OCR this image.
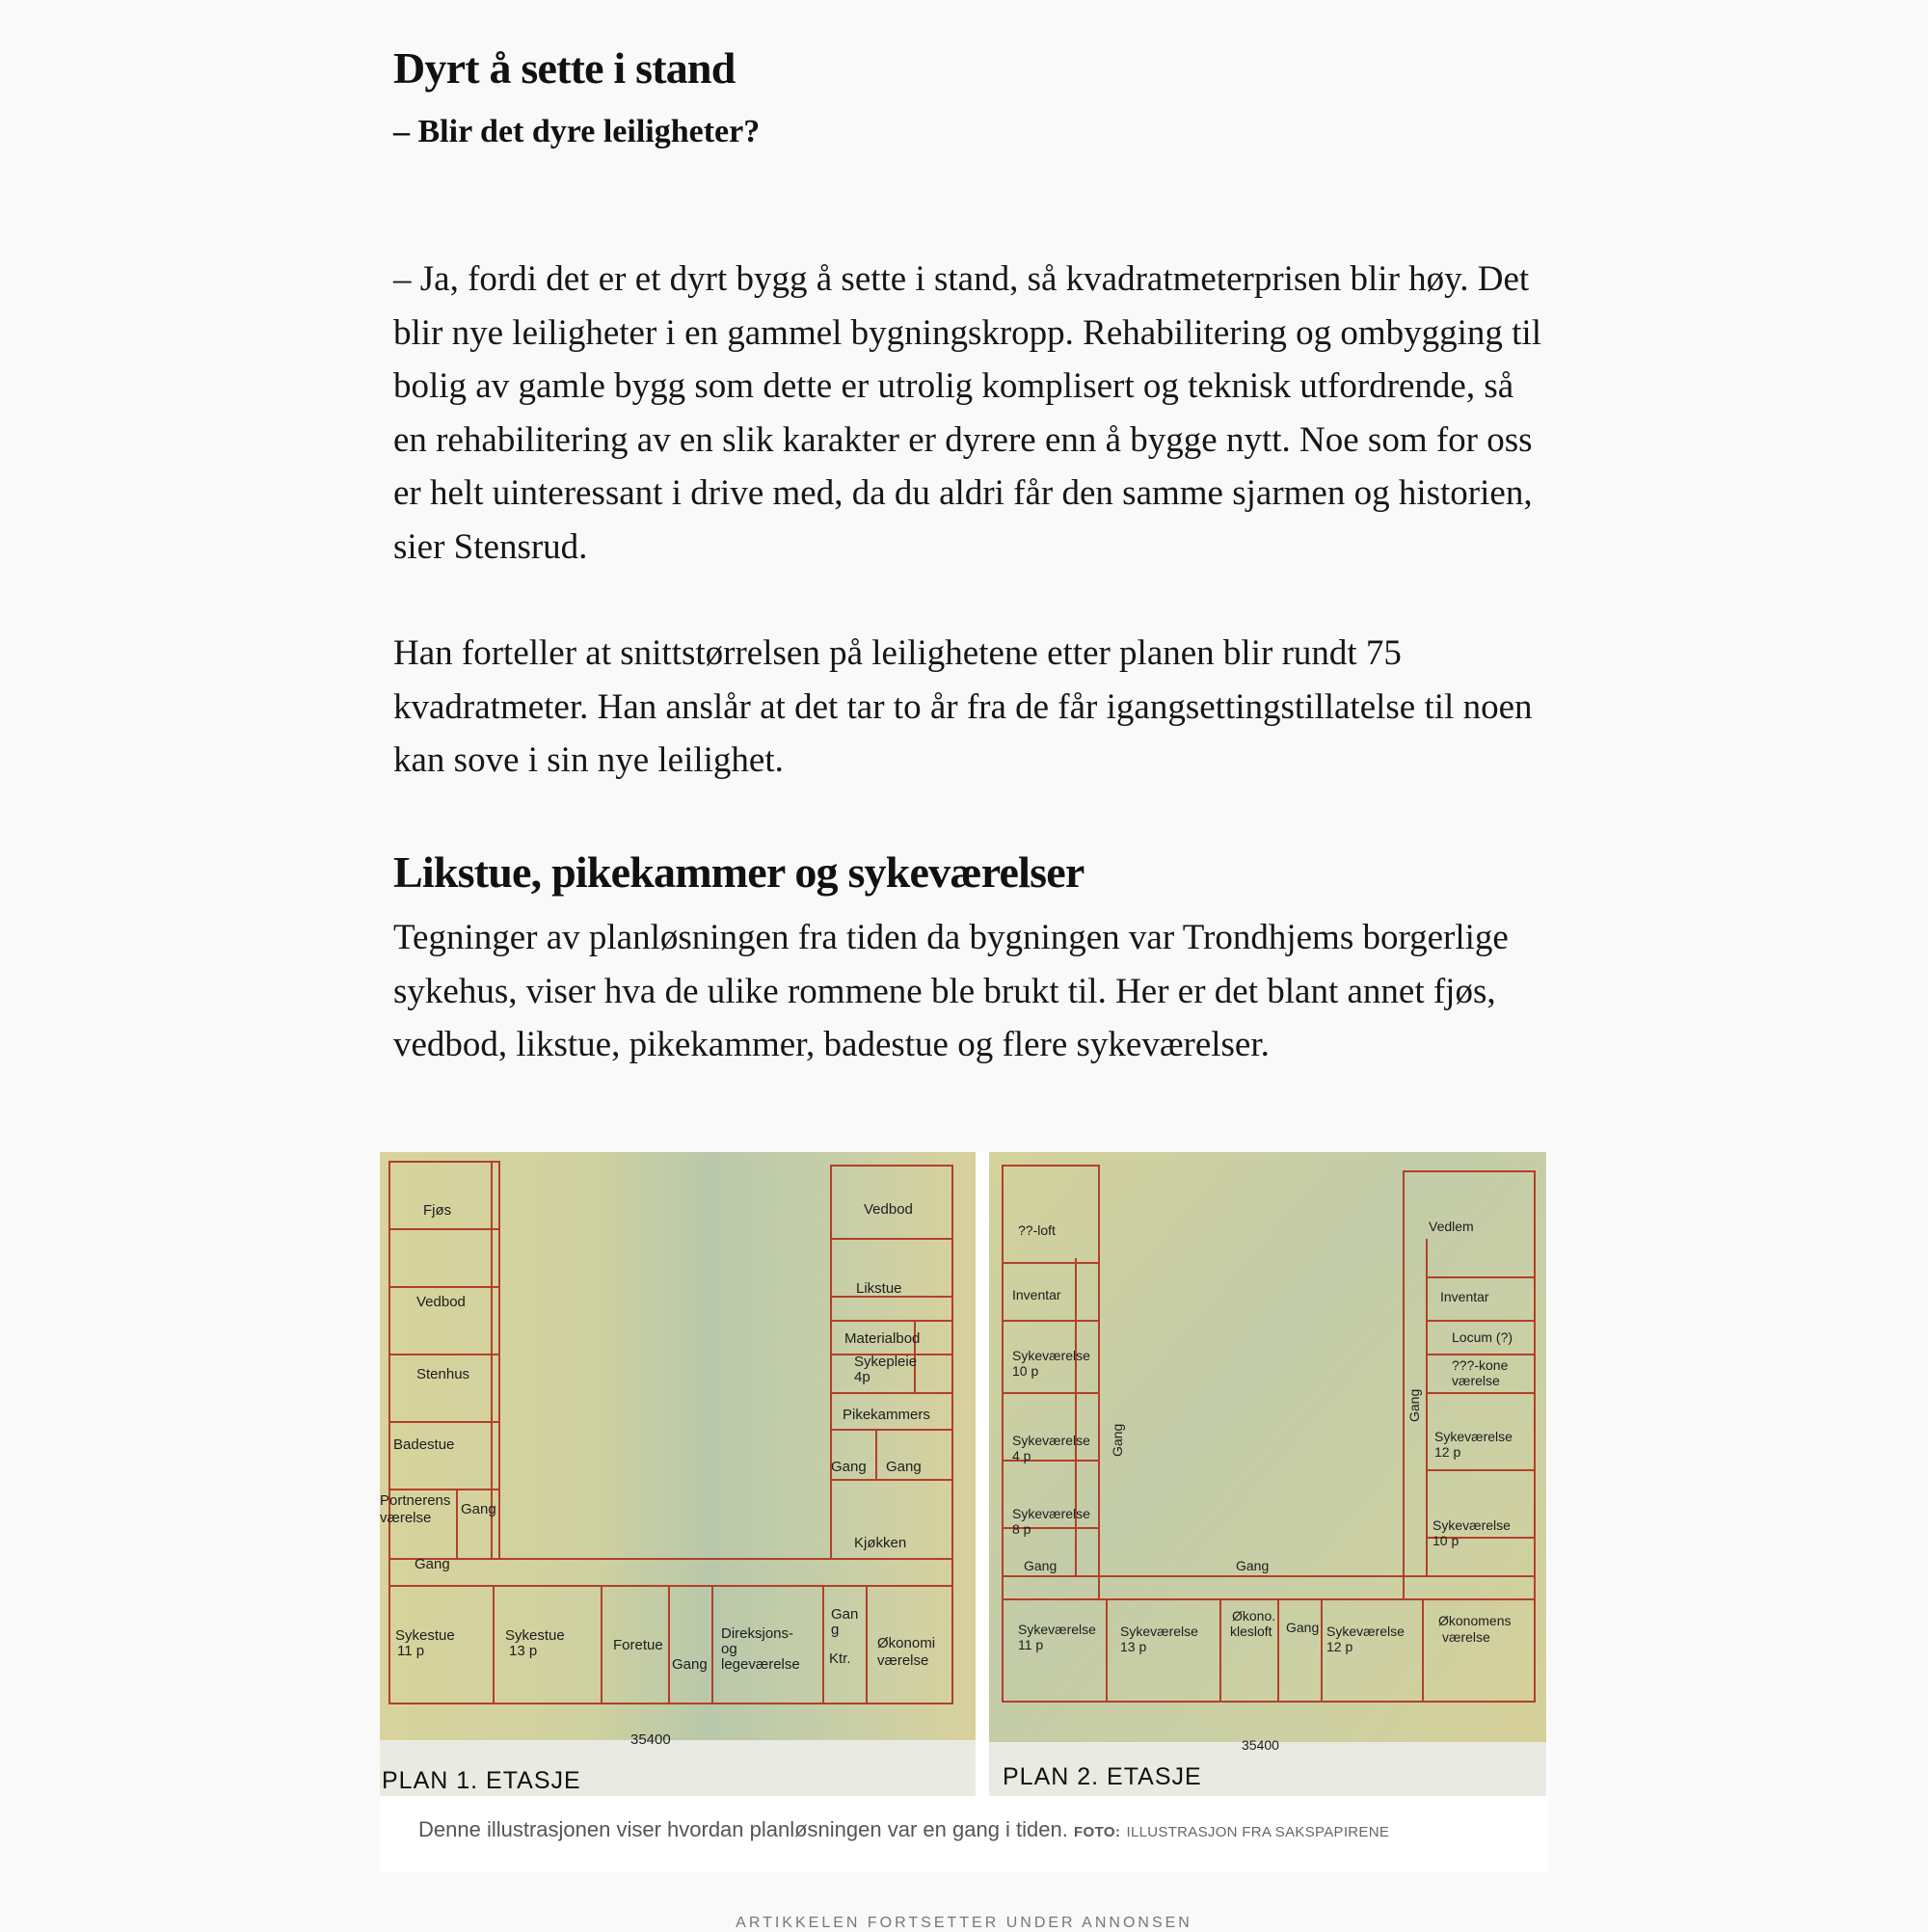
Dyrt å sette i stand

– Blir det dyre leiligheter?

– Ja, fordi det er et dyrt bygg å sette i stand, så kvadratmeterprisen blir høy. Det blir nye leiligheter i en gammel bygningskropp. Rehabilitering og ombygging til bolig av gamle bygg som dette er utrolig komplisert og teknisk utfordrende, så en rehabilitering av en slik karakter er dyrere enn å bygge nytt. Noe som for oss er helt uinteressant i drive med, da du aldri får den samme sjarmen og historien, sier Stensrud.

Han forteller at snittstørrelsen på leilighetene etter planen blir rundt 75 kvadratmeter. Han anslår at det tar to år fra de får igangsettingstillatelse til noen kan sove i sin nye leilighet.

Likstue, pikekammer og sykeværelser

Tegninger av planløsningen fra tiden da bygningen var Trondhjems borgerlige sykehus, viser hva de ulike rommene ble brukt til. Her er det blant annet fjøs, vedbod, likstue, pikekammer, badestue og flere sykeværelser.

Fjøs
Vedbod
Stenhus
Badestue
Portnerens
værelse
Gang
Gang
Sykestue
11 p
Sykestue
13 p	Foretue
Gang
Direksjons-
og
legeværelse
Gan
g
Ktr.
Økonomi
værelse
Vedbod
Likstue
Materialbod
Sykepleie
4p
Pikekammers
Gang Gang
Kjøkken
35400
PLAN 1. ETASJE
??-loft
Inventar
Sykeværelse
10 p
Sykeværelse
4 p
Sykeværelse
8 p
Gang
Gang	Gang
Sykeværelse
11 p
Sykeværelse
13 p
Økono.
klesloft Gang Sykeværelse
12 p
Økonomens
værelse
Vedlem
Inventar
Locum (?)
???-kone
værelse
Gang
Sykeværelse
12 p
Sykeværelse
10 p
35400
PLAN 2. ETASJE
Denne illustrasjonen viser hvordan planløsningen var en gang i tiden. FOTO: ILLUSTRASJON FRA SAKSPAPIRENE
ARTIKKELEN FORTSETTER UNDER ANNONSEN
